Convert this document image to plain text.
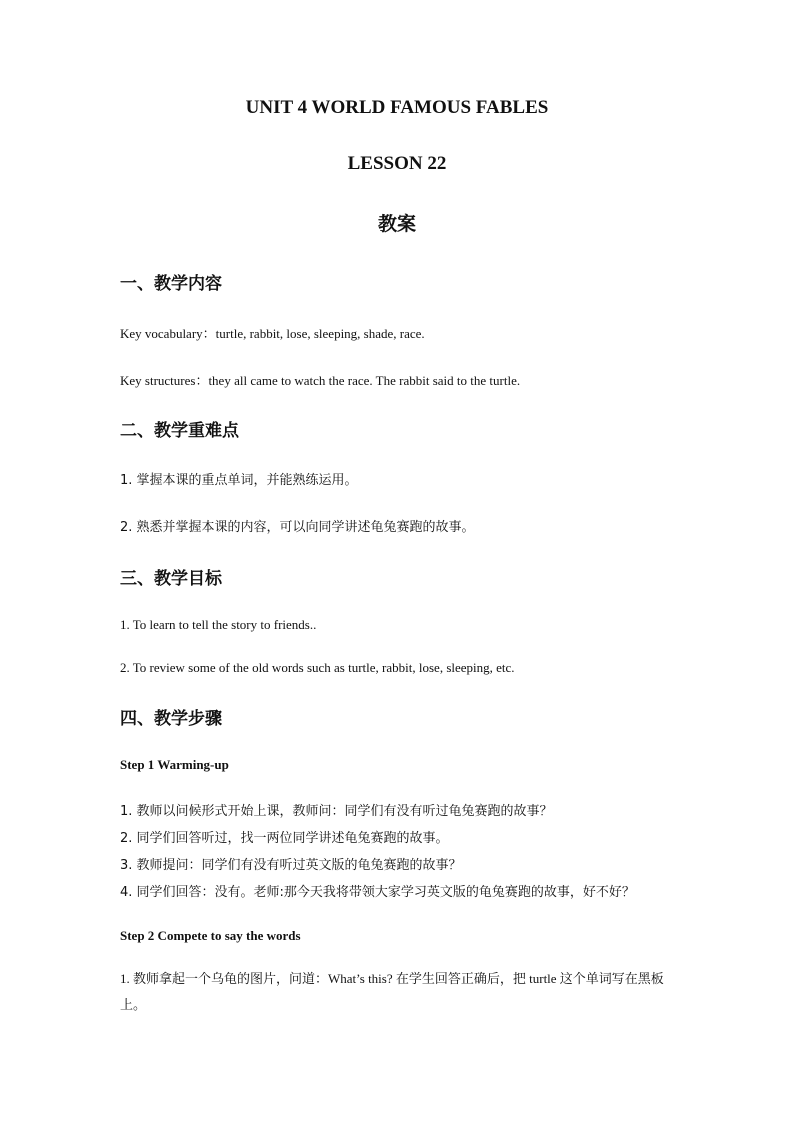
UNIT 4 WORLD FAMOUS FABLES
LESSON 22
教案
一、教学内容
Key vocabulary：turtle, rabbit, lose, sleeping, shade, race.
Key structures：they all came to watch the race. The rabbit said to the turtle.
二、教学重难点
1. 掌握本课的重点单词，并能熟练运用。
2. 熟悉并掌握本课的内容，可以向同学讲述龟兔赛跑的故事。
三、教学目标
1. To learn to tell the story to friends..
2. To review some of the old words such as turtle, rabbit, lose, sleeping, etc.
四、教学步骤
Step 1 Warming-up
1. 教师以问候形式开始上课，教师问：同学们有没有听过龟兔赛跑的故事？
2. 同学们回答听过，找一两位同学讲述龟兔赛跑的故事。
3. 教师提问：同学们有没有听过英文版的龟兔赛跑的故事？
4. 同学们回答：没有。老师:那今天我将带领大家学习英文版的龟兔赛跑的故事，好不好？
Step 2 Compete to say the words
1. 教师拿起一个乌龟的图片，问道：What’s this? 在学生回答正确后，把 turtle 这个单词写在黑板上。
